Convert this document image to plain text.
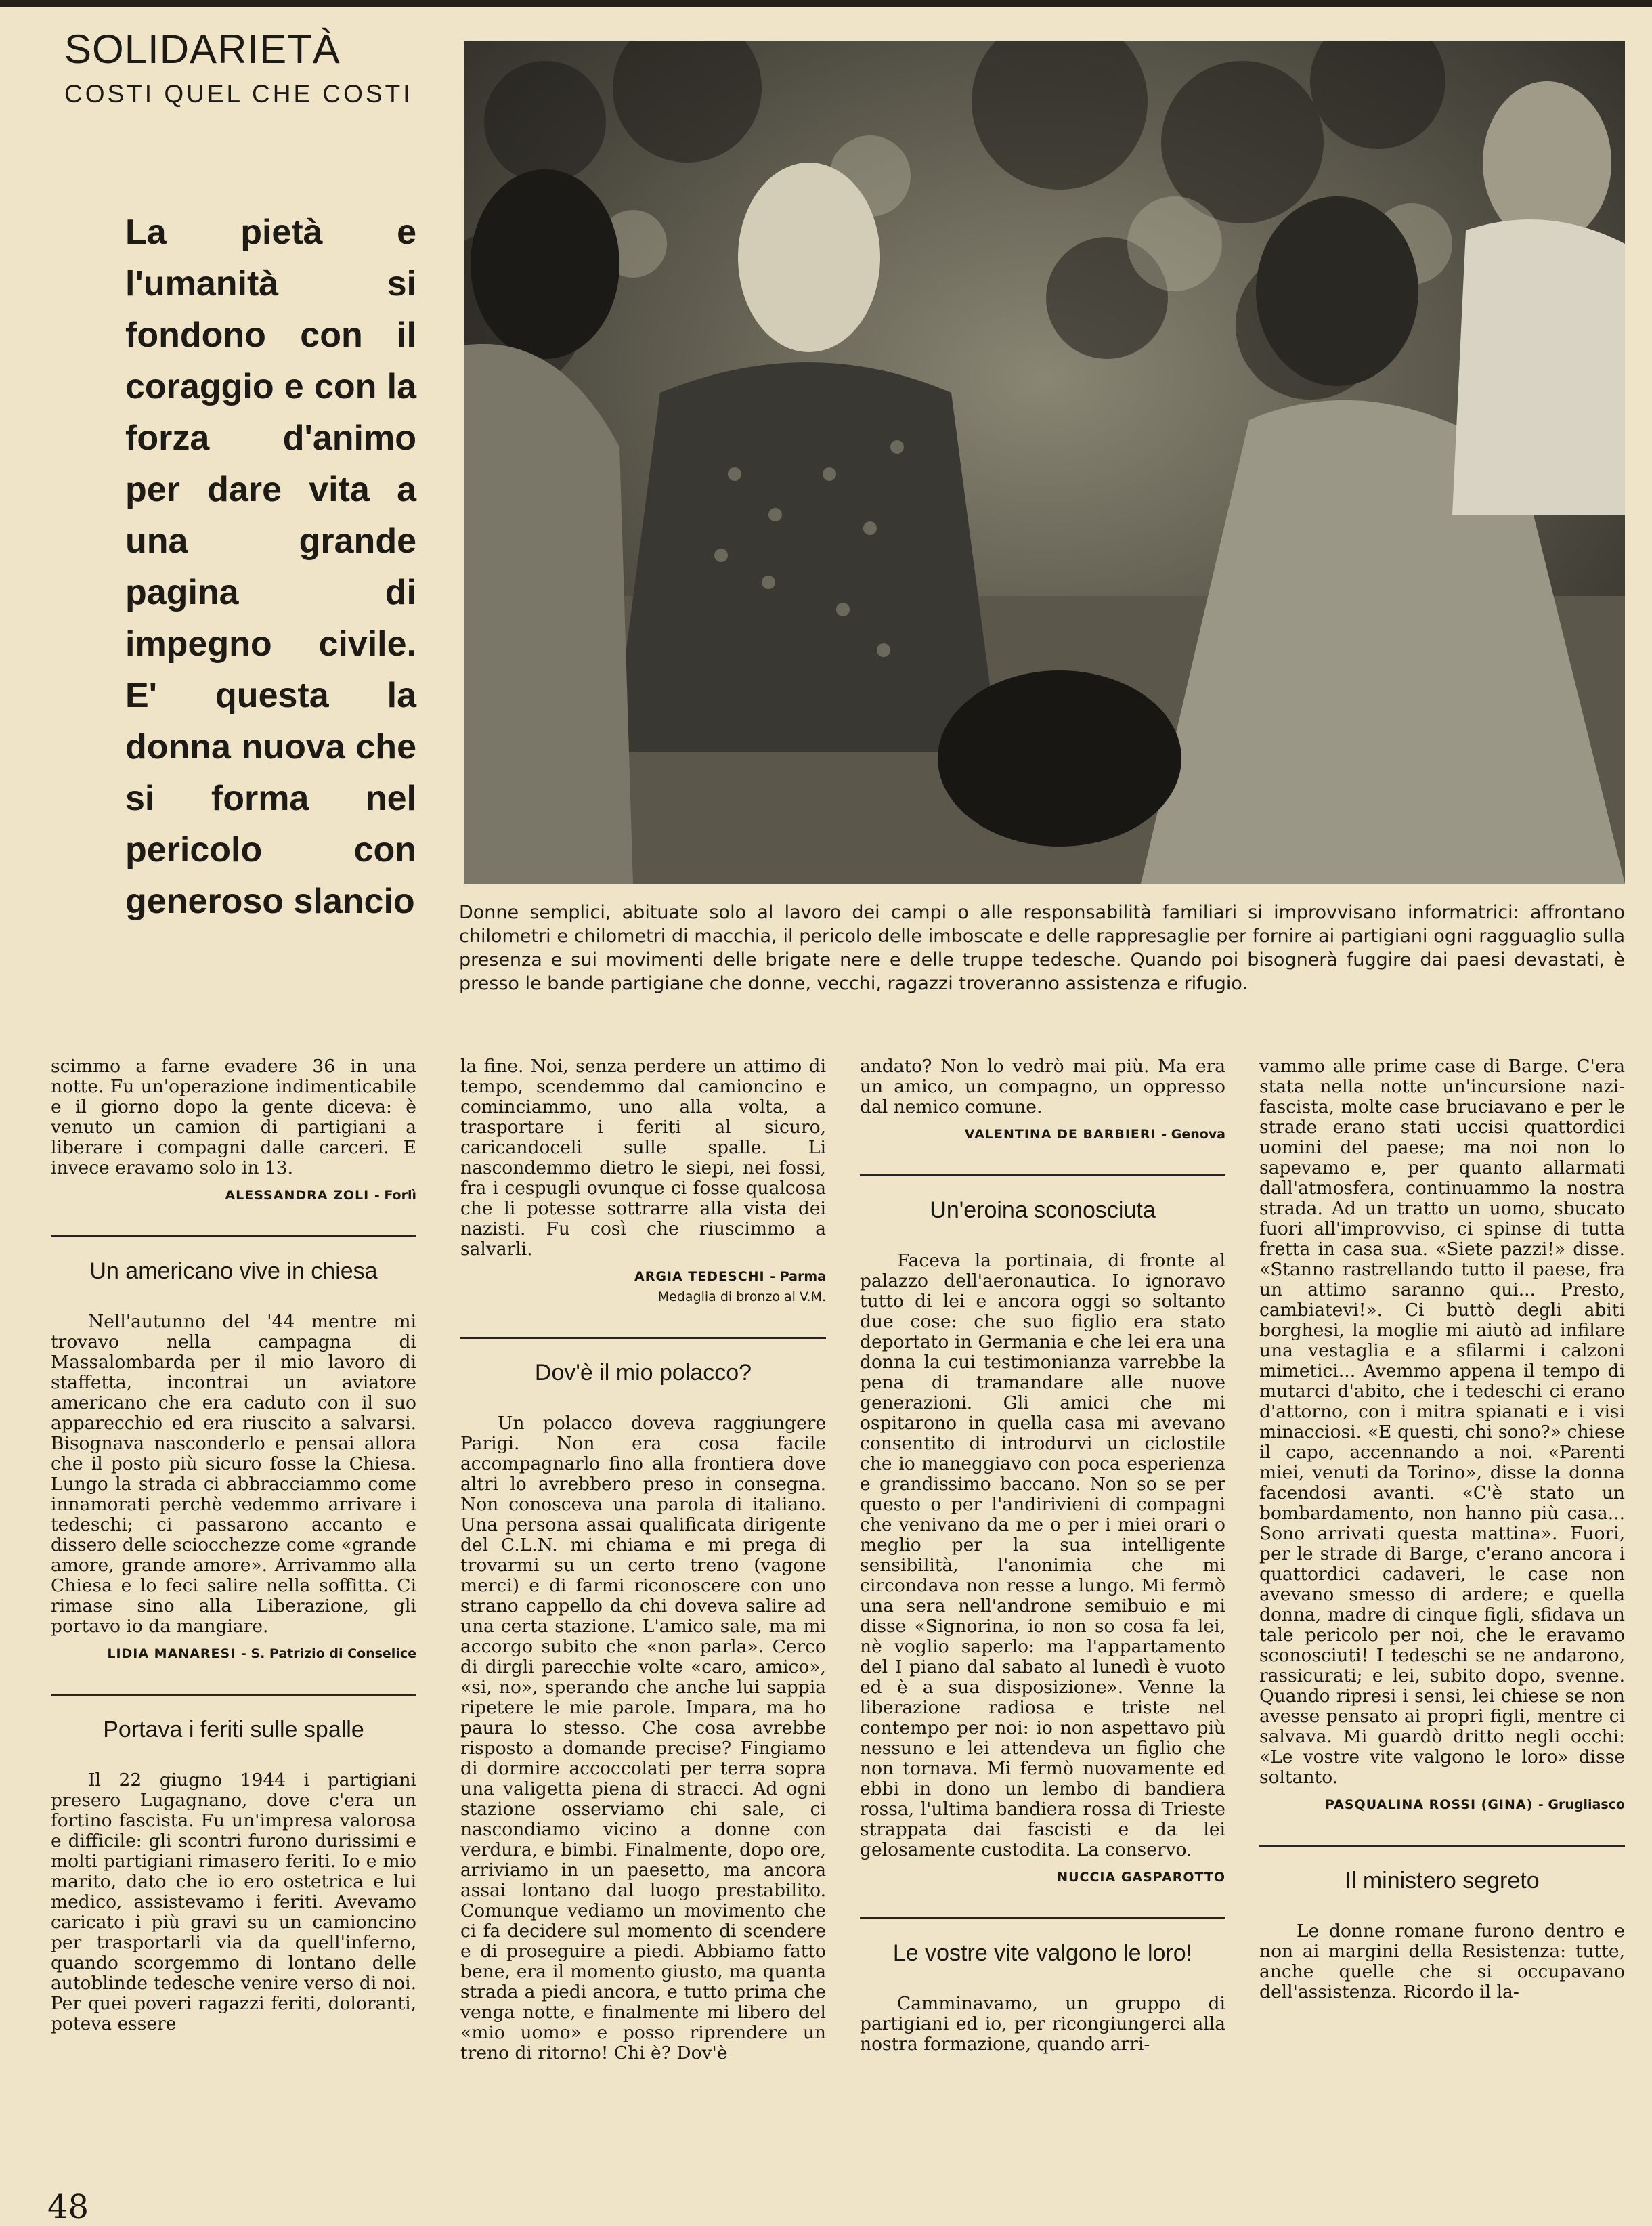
SOLIDARIETÀ
COSTI QUEL CHE COSTI
La pietà e l'umanità si fondono con il coraggio e con la forza d'animo per dare vita a una grande pagina di impegno civile. E' questa la donna nuova che si forma nel pericolo con generoso slancio Donne semplici, abituate solo al lavoro dei campi o alle responsabilità familiari si improvvisano informatrici: affrontano chilometri e chilometri di macchia, il pericolo delle imboscate e delle rappresaglie per fornire ai partigiani ogni ragguaglio sulla presenza e sui movimenti delle brigate nere e delle truppe tedesche. Quando poi bisognerà fuggire dai paesi devastati, è presso le bande partigiane che donne, vecchi, ragazzi troveranno assistenza e rifugio.

scimmo a farne evadere 36 in una notte. Fu un'operazione indimenticabile e il giorno dopo la gente diceva: è venuto un camion di partigiani a liberare i compagni dalle carceri. E invece eravamo solo in 13.

ALESSANDRA ZOLI - Forlì
Un americano vive in chiesa

Nell'autunno del '44 mentre mi trovavo nella campagna di Massalombarda per il mio lavoro di staffetta, incontrai un aviatore americano che era caduto con il suo apparecchio ed era riuscito a salvarsi. Bisognava nasconderlo e pensai allora che il posto più sicuro fosse la Chiesa. Lungo la strada ci abbracciammo come innamorati perchè vedemmo arrivare i tedeschi; ci passarono accanto e dissero delle sciocchezze come «grande amore, grande amore». Arrivammo alla Chiesa e lo feci salire nella soffitta. Ci rimase sino alla Liberazione, gli portavo io da mangiare.

LIDIA MANARESI - S. Patrizio di Conselice
Portava i feriti sulle spalle

Il 22 giugno 1944 i partigiani presero Lugagnano, dove c'era un fortino fascista. Fu un'impresa valorosa e difficile: gli scontri furono durissimi e molti partigiani rimasero feriti. Io e mio marito, dato che io ero ostetrica e lui medico, assistevamo i feriti. Avevamo caricato i più gravi su un camioncino per trasportarli via da quell'inferno, quando scorgemmo di lontano delle autoblinde tedesche venire verso di noi. Per quei poveri ragazzi feriti, doloranti, poteva essere

la fine. Noi, senza perdere un attimo di tempo, scendemmo dal camioncino e cominciammo, uno alla volta, a trasportare i feriti al sicuro, caricandoceli sulle spalle. Li nascondemmo dietro le siepi, nei fossi, fra i cespugli ovunque ci fosse qualcosa che li potesse sottrarre alla vista dei nazisti. Fu così che riuscimmo a salvarli.

ARGIA TEDESCHI - Parma
Medaglia di bronzo al V.M.
Dov'è il mio polacco?

Un polacco doveva raggiungere Parigi. Non era cosa facile accompagnarlo fino alla frontiera dove altri lo avrebbero preso in consegna. Non conosceva una parola di italiano. Una persona assai qualificata dirigente del C.L.N. mi chiama e mi prega di trovarmi su un certo treno (vagone merci) e di farmi riconoscere con uno strano cappello da chi doveva salire ad una certa stazione. L'amico sale, ma mi accorgo subito che «non parla». Cerco di dirgli parecchie volte «caro, amico», «si, no», sperando che anche lui sappia ripetere le mie parole. Impara, ma ho paura lo stesso. Che cosa avrebbe risposto a domande precise? Fingiamo di dormire accoccolati per terra sopra una valigetta piena di stracci. Ad ogni stazione osserviamo chi sale, ci nascondiamo vicino a donne con verdura, e bimbi. Finalmente, dopo ore, arriviamo in un paesetto, ma ancora assai lontano dal luogo prestabilito. Comunque vediamo un movimento che ci fa decidere sul momento di scendere e di proseguire a piedi. Abbiamo fatto bene, era il momento giusto, ma quanta strada a piedi ancora, e tutto prima che venga notte, e finalmente mi libero del «mio uomo» e posso riprendere un treno di ritorno! Chi è? Dov'è

andato? Non lo vedrò mai più. Ma era un amico, un compagno, un oppresso dal nemico comune.

VALENTINA DE BARBIERI - Genova
Un'eroina sconosciuta

Faceva la portinaia, di fronte al palazzo dell'aeronautica. Io ignoravo tutto di lei e ancora oggi so soltanto due cose: che suo figlio era stato deportato in Germania e che lei era una donna la cui testimonianza varrebbe la pena di tramandare alle nuove generazioni. Gli amici che mi ospitarono in quella casa mi avevano consentito di introdurvi un ciclostile che io maneggiavo con poca esperienza e grandissimo baccano. Non so se per questo o per l'andirivieni di compagni che venivano da me o per i miei orari o meglio per la sua intelligente sensibilità, l'anonimia che mi circondava non resse a lungo. Mi fermò una sera nell'androne semibuio e mi disse «Signorina, io non so cosa fa lei, nè voglio saperlo: ma l'appartamento del I piano dal sabato al lunedì è vuoto ed è a sua disposizione». Venne la liberazione radiosa e triste nel contempo per noi: io non aspettavo più nessuno e lei attendeva un figlio che non tornava. Mi fermò nuovamente ed ebbi in dono un lembo di bandiera rossa, l'ultima bandiera rossa di Trieste strappata dai fascisti e da lei gelosamente custodita. La conservo.

NUCCIA GASPAROTTO
Le vostre vite valgono le loro!

Camminavamo, un gruppo di partigiani ed io, per ricongiungerci alla nostra formazione, quando arri-

vammo alle prime case di Barge. C'era stata nella notte un'incursione nazi-fascista, molte case bruciavano e per le strade erano stati uccisi quattordici uomini del paese; ma noi non lo sapevamo e, per quanto allarmati dall'atmosfera, continuammo la nostra strada. Ad un tratto un uomo, sbucato fuori all'improvviso, ci spinse di tutta fretta in casa sua. «Siete pazzi!» disse. «Stanno rastrellando tutto il paese, fra un attimo saranno qui... Presto, cambiatevi!». Ci buttò degli abiti borghesi, la moglie mi aiutò ad infilare una vestaglia e a sfilarmi i calzoni mimetici... Avemmo appena il tempo di mutarci d'abito, che i tedeschi ci erano d'attorno, con i mitra spianati e i visi minacciosi. «E questi, chi sono?» chiese il capo, accennando a noi. «Parenti miei, venuti da Torino», disse la donna facendosi avanti. «C'è stato un bombardamento, non hanno più casa... Sono arrivati questa mattina». Fuori, per le strade di Barge, c'erano ancora i quattordici cadaveri, le case non avevano smesso di ardere; e quella donna, madre di cinque figli, sfidava un tale pericolo per noi, che le eravamo sconosciuti! I tedeschi se ne andarono, rassicurati; e lei, subito dopo, svenne. Quando ripresi i sensi, lei chiese se non avesse pensato ai propri figli, mentre ci salvava. Mi guardò dritto negli occhi: «Le vostre vite valgono le loro» disse soltanto.

PASQUALINA ROSSI (GINA) - Grugliasco
Il ministero segreto

Le donne romane furono dentro e non ai margini della Resistenza: tutte, anche quelle che si occupavano dell'assistenza. Ricordo il la-

48
